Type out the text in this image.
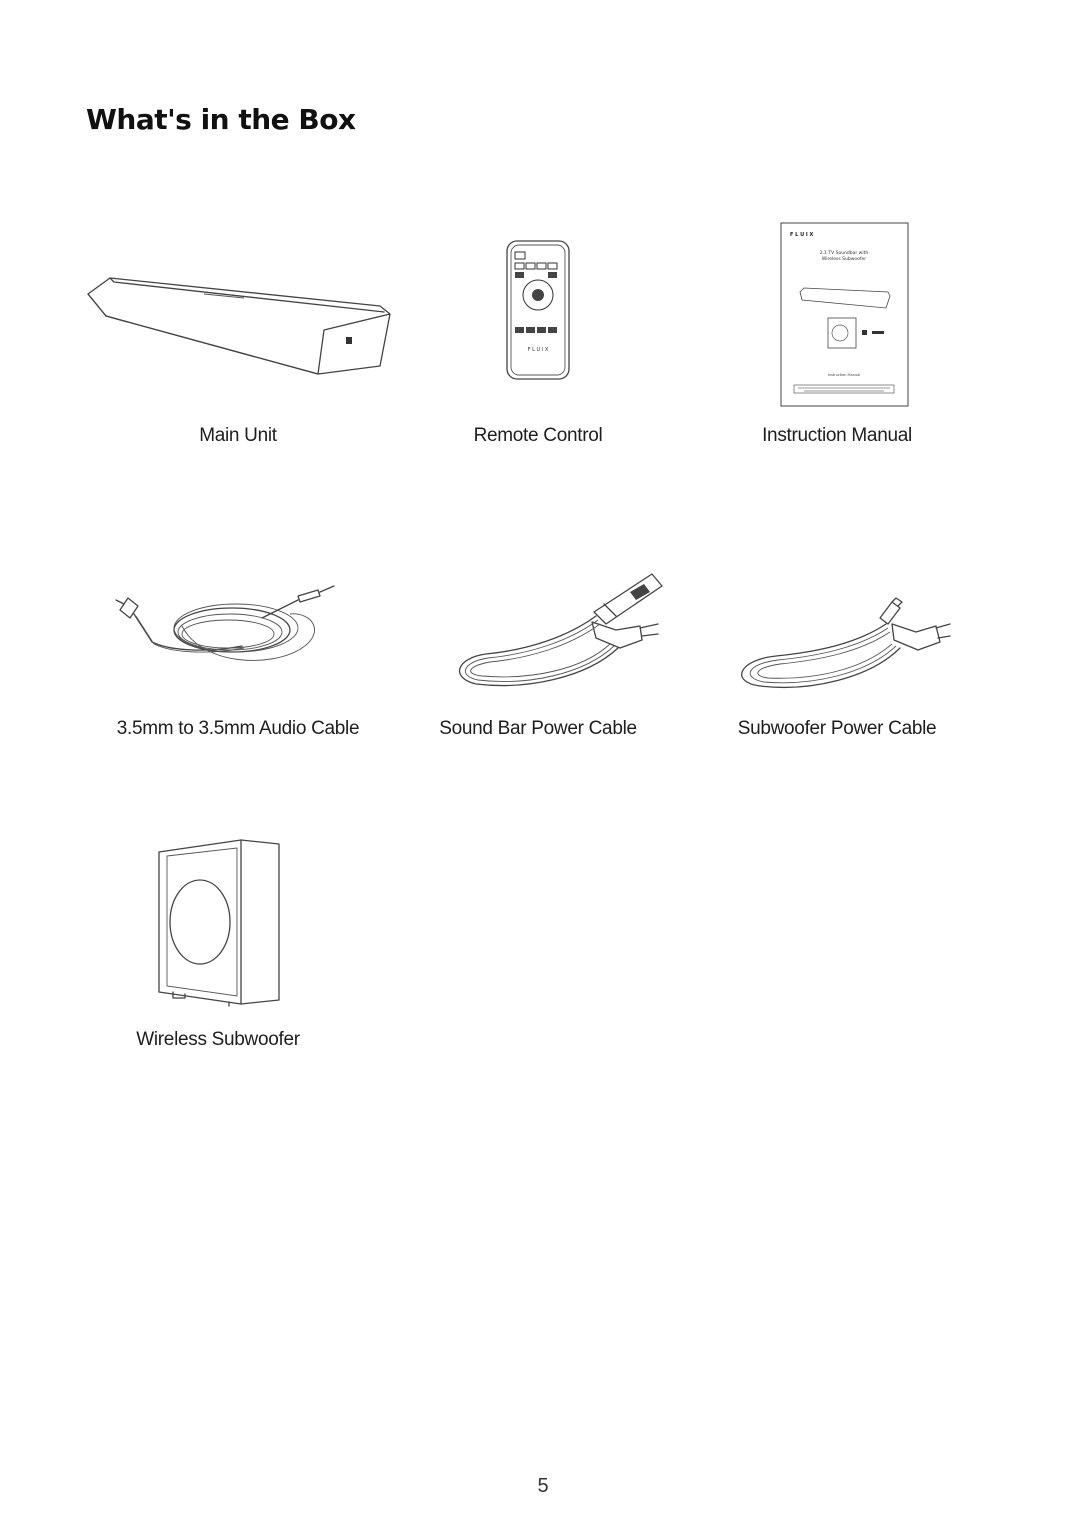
What's in the Box
Main Unit
F L U I X
Remote Control
F L U I X
2.1 TV Soundbar with
Wireless Subwoofer
Instruction Manual
Instruction Manual
3.5mm to 3.5mm Audio Cable	Sound Bar Power Cable	Subwoofer Power Cable
Wireless Subwoofer
5
